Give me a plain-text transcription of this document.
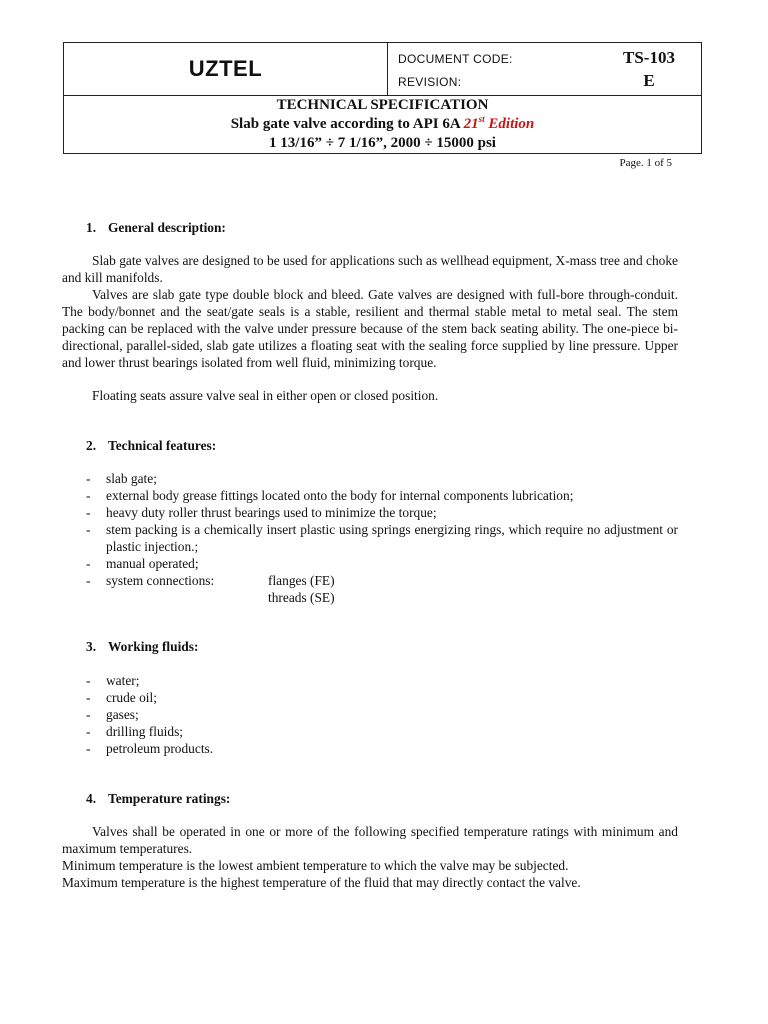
UZTEL	DOCUMENT CODE:	TS-103
REVISION:	E

TECHNICAL SPECIFICATION
Slab gate valve according to API 6A 21st Edition
1 13/16” ÷ 7 1/16”, 2000 ÷ 15000 psi
Page. 1 of 5
1. General description:

Slab gate valves are designed to be used for applications such as wellhead equipment, X-mass tree and choke and kill manifolds.

Valves are slab gate type double block and bleed. Gate valves are designed with full-bore through-conduit. The body/bonnet and the seat/gate seals is a stable, resilient and thermal stable metal to metal seal. The stem packing can be replaced with the valve under pressure because of the stem back seating ability. The one-piece bi-directional, parallel-sided, slab gate utilizes a floating seat with the sealing force supplied by line pressure. Upper and lower thrust bearings isolated from well fluid, minimizing torque.

Floating seats assure valve seal in either open or closed position.

2. Technical features:
- slab gate;
- external body grease fittings located onto the body for internal components lubrication;
- heavy duty roller thrust bearings used to minimize the torque;
- stem packing is a chemically insert plastic using springs energizing rings, which require no adjustment or plastic injection.;
- manual operated;
- system connections:	flanges (FE)
threads (SE)
3. Working fluids:
- water;
- crude oil;
- gases;
- drilling fluids;
- petroleum products.
4. Temperature ratings:

Valves shall be operated in one or more of the following specified temperature ratings with minimum and maximum temperatures.

Minimum temperature is the lowest ambient temperature to which the valve may be subjected.

Maximum temperature is the highest temperature of the fluid that may directly contact the valve.
